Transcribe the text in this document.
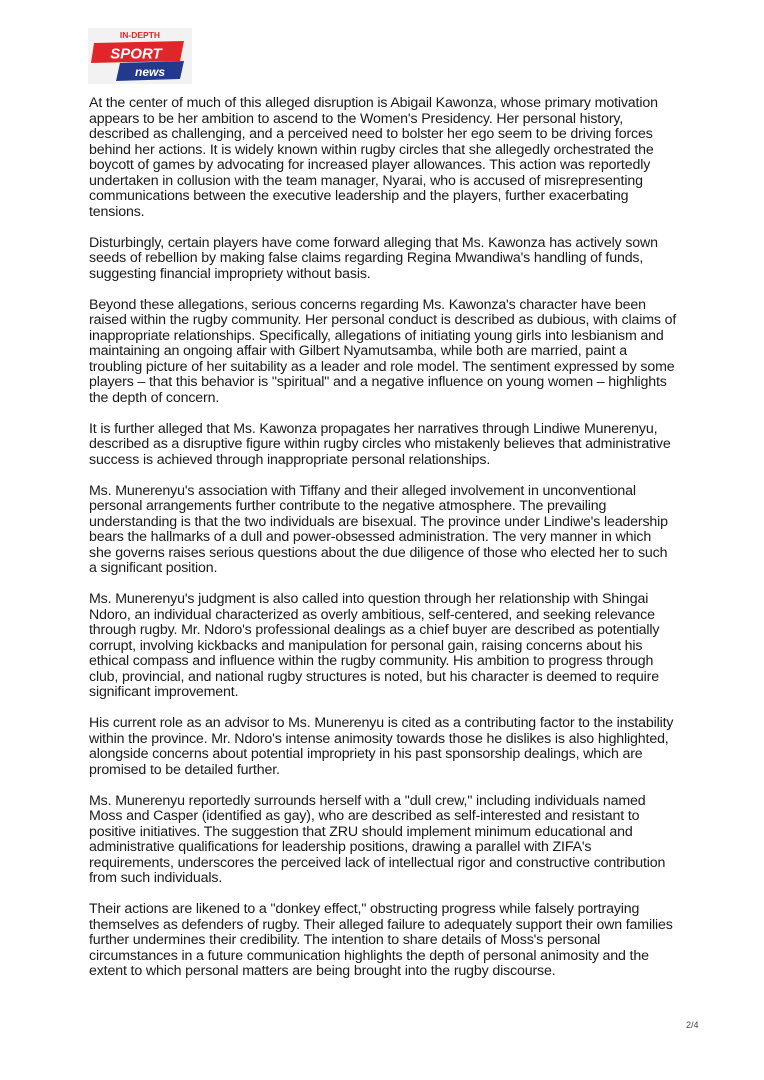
IN-DEPTH
SPORT
news

At the center of much of this alleged disruption is Abigail Kawonza, whose primary motivation appears to be her ambition to ascend to the Women's Presidency. Her personal history, described as challenging, and a perceived need to bolster her ego seem to be driving forces behind her actions. It is widely known within rugby circles that she allegedly orchestrated the boycott of games by advocating for increased player allowances. This action was reportedly undertaken in collusion with the team manager, Nyarai, who is accused of misrepresenting communications between the executive leadership and the players, further exacerbating tensions.

Disturbingly, certain players have come forward alleging that Ms. Kawonza has actively sown seeds of rebellion by making false claims regarding Regina Mwandiwa's handling of funds, suggesting financial impropriety without basis.

Beyond these allegations, serious concerns regarding Ms. Kawonza's character have been raised within the rugby community. Her personal conduct is described as dubious, with claims of inappropriate relationships. Specifically, allegations of initiating young girls into lesbianism and maintaining an ongoing affair with Gilbert Nyamutsamba, while both are married, paint a troubling picture of her suitability as a leader and role model. The sentiment expressed by some players – that this behavior is "spiritual" and a negative influence on young women – highlights the depth of concern.

It is further alleged that Ms. Kawonza propagates her narratives through Lindiwe Munerenyu, described as a disruptive figure within rugby circles who mistakenly believes that administrative success is achieved through inappropriate personal relationships.

Ms. Munerenyu's association with Tiffany and their alleged involvement in unconventional personal arrangements further contribute to the negative atmosphere. The prevailing understanding is that the two individuals are bisexual. The province under Lindiwe's leadership bears the hallmarks of a dull and power-obsessed administration. The very manner in which she governs raises serious questions about the due diligence of those who elected her to such a significant position.

Ms. Munerenyu's judgment is also called into question through her relationship with Shingai Ndoro, an individual characterized as overly ambitious, self-centered, and seeking relevance through rugby. Mr. Ndoro's professional dealings as a chief buyer are described as potentially corrupt, involving kickbacks and manipulation for personal gain, raising concerns about his ethical compass and influence within the rugby community. His ambition to progress through club, provincial, and national rugby structures is noted, but his character is deemed to require significant improvement.

His current role as an advisor to Ms. Munerenyu is cited as a contributing factor to the instability within the province. Mr. Ndoro's intense animosity towards those he dislikes is also highlighted, alongside concerns about potential impropriety in his past sponsorship dealings, which are promised to be detailed further.

Ms. Munerenyu reportedly surrounds herself with a "dull crew," including individuals named Moss and Casper (identified as gay), who are described as self-interested and resistant to positive initiatives. The suggestion that ZRU should implement minimum educational and administrative qualifications for leadership positions, drawing a parallel with ZIFA's requirements, underscores the perceived lack of intellectual rigor and constructive contribution from such individuals.

Their actions are likened to a "donkey effect," obstructing progress while falsely portraying themselves as defenders of rugby. Their alleged failure to adequately support their own families further undermines their credibility. The intention to share details of Moss's personal circumstances in a future communication highlights the depth of personal animosity and the extent to which personal matters are being brought into the rugby discourse.

2/4
